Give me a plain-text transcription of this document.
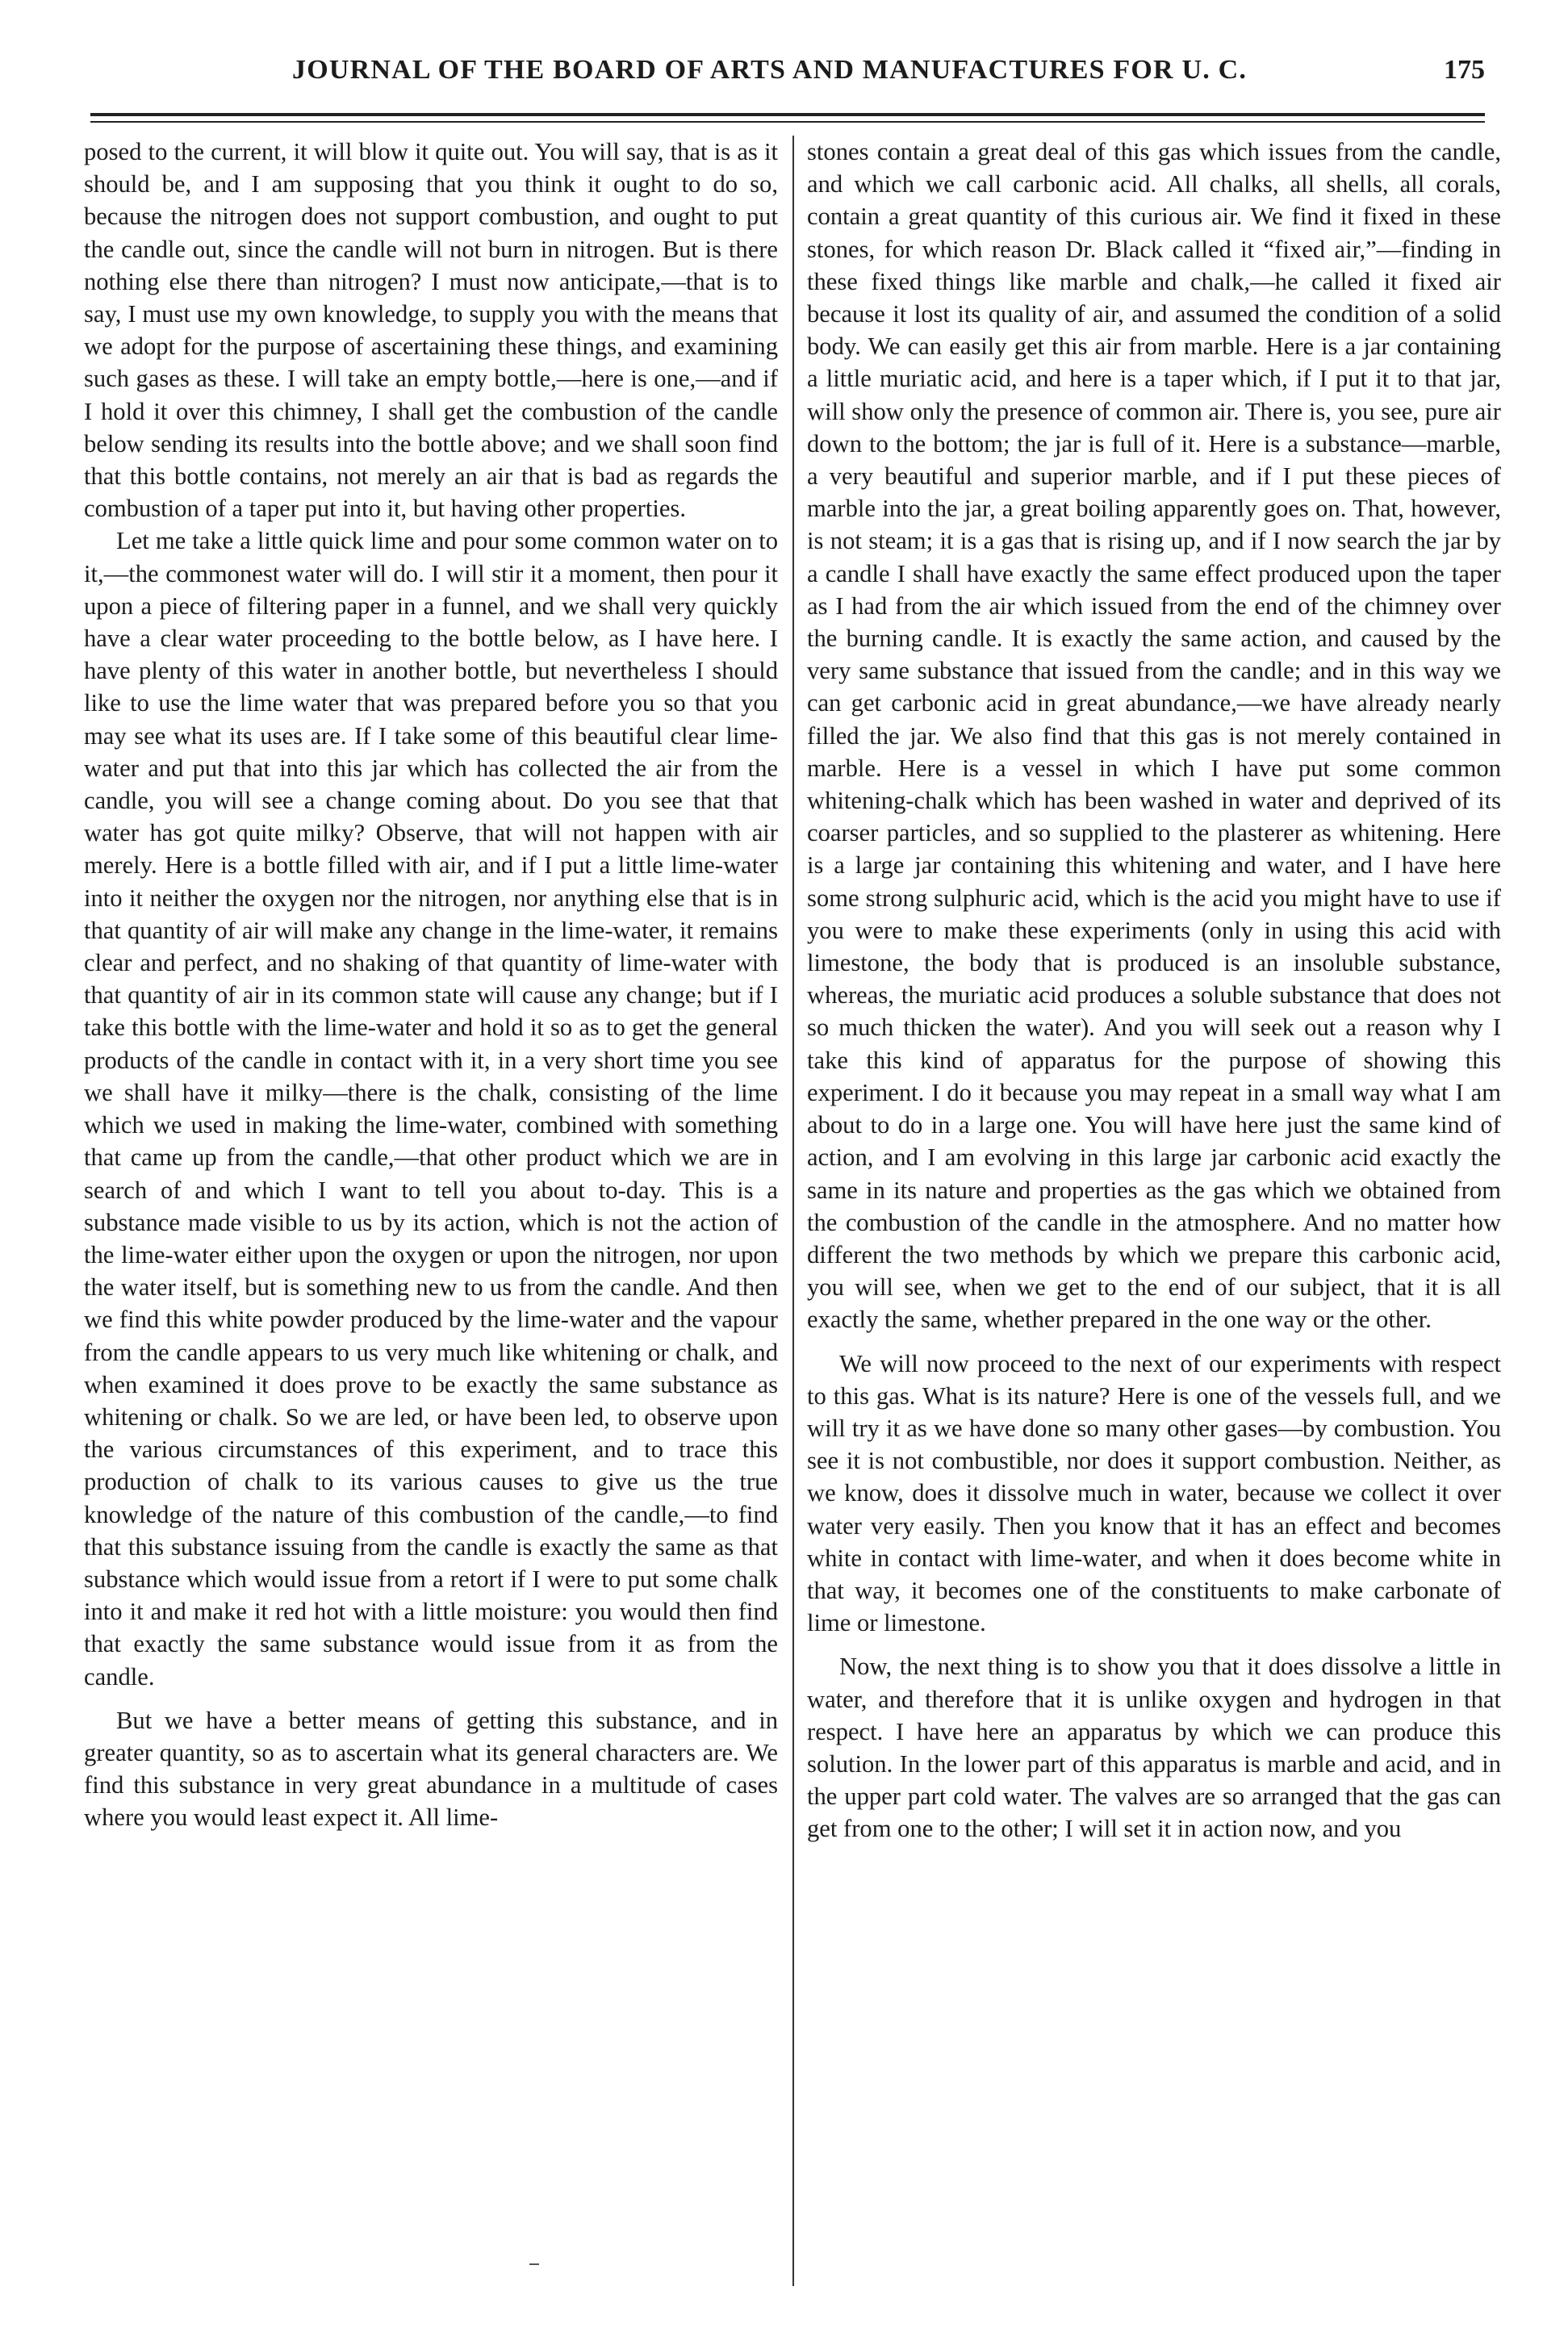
JOURNAL OF THE BOARD OF ARTS AND MANUFACTURES FOR U. C.	175

posed to the current, it will blow it quite out. You will say, that is as it should be, and I am supposing that you think it ought to do so, because the nitrogen does not support combustion, and ought to put the candle out, since the candle will not burn in nitrogen. But is there nothing else there than nitrogen? I must now anticipate,—that is to say, I must use my own knowledge, to supply you with the means that we adopt for the purpose of ascertaining these things, and examining such gases as these. I will take an empty bottle,—here is one,—and if I hold it over this chimney, I shall get the combustion of the candle below sending its results into the bottle above; and we shall soon find that this bottle contains, not merely an air that is bad as regards the combustion of a taper put into it, but having other properties.

Let me take a little quick lime and pour some common water on to it,—the commonest water will do. I will stir it a moment, then pour it upon a piece of filtering paper in a funnel, and we shall very quickly have a clear water proceeding to the bottle below, as I have here. I have plenty of this water in another bottle, but nevertheless I should like to use the lime water that was prepared before you so that you may see what its uses are. If I take some of this beautiful clear lime-water and put that into this jar which has collected the air from the candle, you will see a change coming about. Do you see that that water has got quite milky? Observe, that will not happen with air merely. Here is a bottle filled with air, and if I put a little lime-water into it neither the oxygen nor the nitrogen, nor anything else that is in that quantity of air will make any change in the lime-water, it remains clear and perfect, and no shaking of that quantity of lime-water with that quantity of air in its common state will cause any change; but if I take this bottle with the lime-water and hold it so as to get the general products of the candle in contact with it, in a very short time you see we shall have it milky—there is the chalk, consisting of the lime which we used in making the lime-water, combined with something that came up from the candle,—that other product which we are in search of and which I want to tell you about to-day. This is a substance made visible to us by its action, which is not the action of the lime-water either upon the oxygen or upon the nitrogen, nor upon the water itself, but is something new to us from the candle. And then we find this white powder produced by the lime-water and the vapour from the candle appears to us very much like whitening or chalk, and when examined it does prove to be exactly the same substance as whitening or chalk. So we are led, or have been led, to observe upon the various circumstances of this experiment, and to trace this production of chalk to its various causes to give us the true knowledge of the nature of this combustion of the candle,—to find that this substance issuing from the candle is exactly the same as that substance which would issue from a retort if I were to put some chalk into it and make it red hot with a little moisture: you would then find that exactly the same substance would issue from it as from the candle.

But we have a better means of getting this substance, and in greater quantity, so as to ascertain what its general characters are. We find this substance in very great abundance in a multitude of cases where you would least expect it. All lime-

stones contain a great deal of this gas which issues from the candle, and which we call carbonic acid. All chalks, all shells, all corals, contain a great quantity of this curious air. We find it fixed in these stones, for which reason Dr. Black called it “fixed air,”—finding in these fixed things like marble and chalk,—he called it fixed air because it lost its quality of air, and assumed the condition of a solid body. We can easily get this air from marble. Here is a jar containing a little muriatic acid, and here is a taper which, if I put it to that jar, will show only the presence of common air. There is, you see, pure air down to the bottom; the jar is full of it. Here is a substance—marble, a very beautiful and superior marble, and if I put these pieces of marble into the jar, a great boiling apparently goes on. That, however, is not steam; it is a gas that is rising up, and if I now search the jar by a candle I shall have exactly the same effect produced upon the taper as I had from the air which issued from the end of the chimney over the burning candle. It is exactly the same action, and caused by the very same substance that issued from the candle; and in this way we can get carbonic acid in great abundance,—we have already nearly filled the jar. We also find that this gas is not merely contained in marble. Here is a vessel in which I have put some common whitening-chalk which has been washed in water and deprived of its coarser particles, and so supplied to the plasterer as whitening. Here is a large jar containing this whitening and water, and I have here some strong sulphuric acid, which is the acid you might have to use if you were to make these experiments (only in using this acid with limestone, the body that is produced is an insoluble substance, whereas, the muriatic acid produces a soluble substance that does not so much thicken the water). And you will seek out a reason why I take this kind of apparatus for the purpose of showing this experiment. I do it because you may repeat in a small way what I am about to do in a large one. You will have here just the same kind of action, and I am evolving in this large jar carbonic acid exactly the same in its nature and properties as the gas which we obtained from the combustion of the candle in the atmosphere. And no matter how different the two methods by which we prepare this carbonic acid, you will see, when we get to the end of our subject, that it is all exactly the same, whether prepared in the one way or the other.

We will now proceed to the next of our experiments with respect to this gas. What is its nature? Here is one of the vessels full, and we will try it as we have done so many other gases—by combustion. You see it is not combustible, nor does it support combustion. Neither, as we know, does it dissolve much in water, because we collect it over water very easily. Then you know that it has an effect and becomes white in contact with lime-water, and when it does become white in that way, it becomes one of the constituents to make carbonate of lime or limestone.

Now, the next thing is to show you that it does dissolve a little in water, and therefore that it is unlike oxygen and hydrogen in that respect. I have here an apparatus by which we can produce this solution. In the lower part of this apparatus is marble and acid, and in the upper part cold water. The valves are so arranged that the gas can get from one to the other; I will set it in action now, and you
